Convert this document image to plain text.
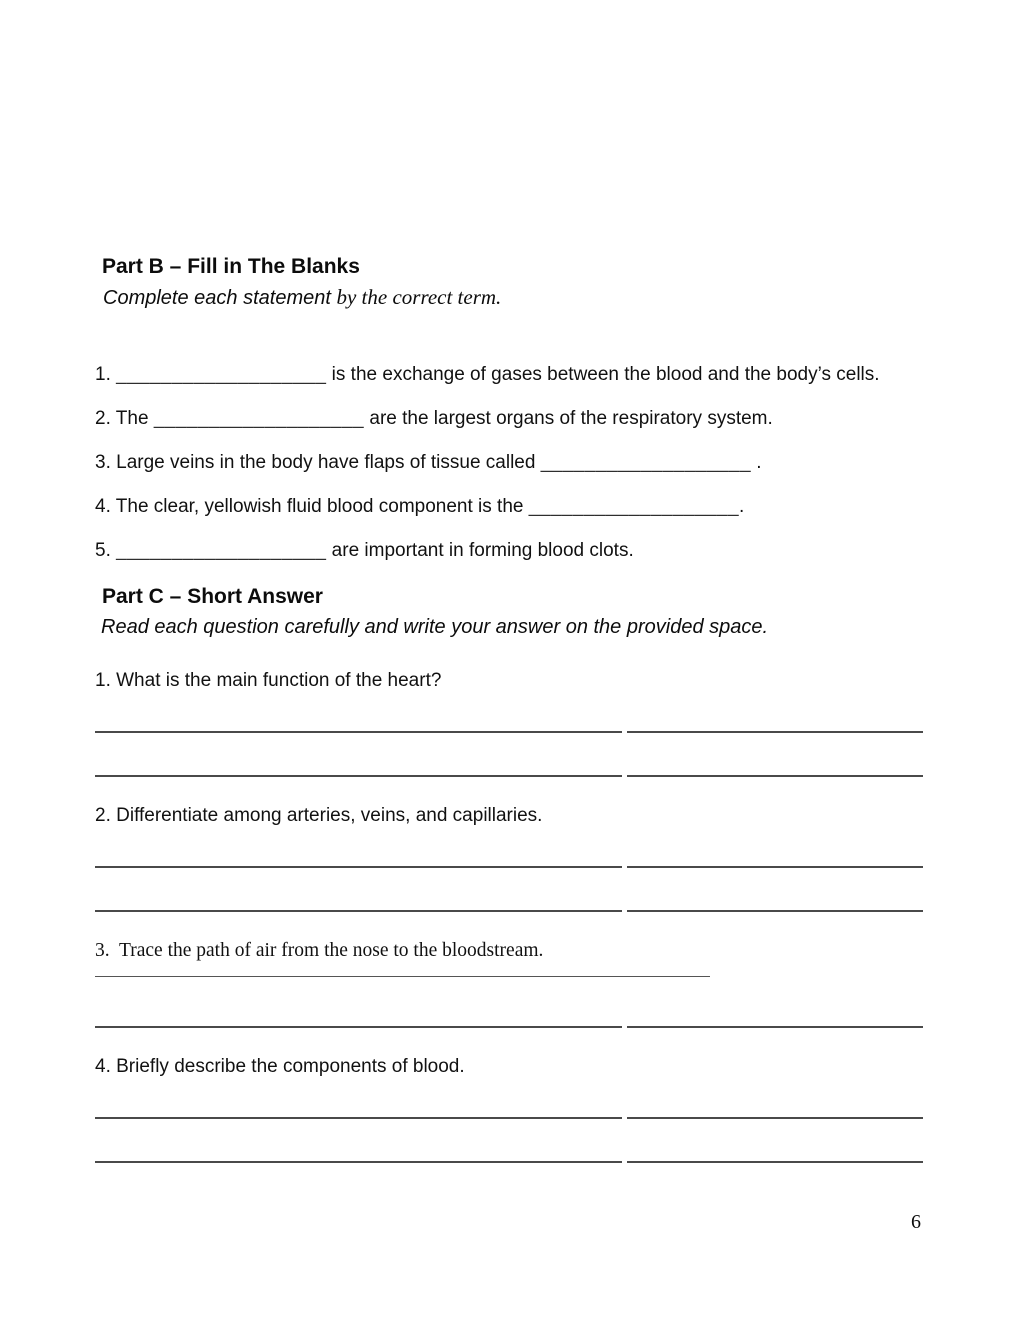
Part B – Fill in The Blanks
Complete each statement by the correct term.
1. ___________________ is the exchange of gases between the blood and the body’s cells.
2. The ___________________ are the largest organs of the respiratory system.
3. Large veins in the body have flaps of tissue called ___________________ .
4. The clear, yellowish fluid blood component is the ___________________.
5. ___________________ are important in forming blood clots.
Part C – Short Answer
Read each question carefully and write your answer on the provided space.
1. What is the main function of the heart?
2. Differentiate among arteries, veins, and capillaries.
3.  Trace the path of air from the nose to the bloodstream.
4. Briefly describe the components of blood.
6
